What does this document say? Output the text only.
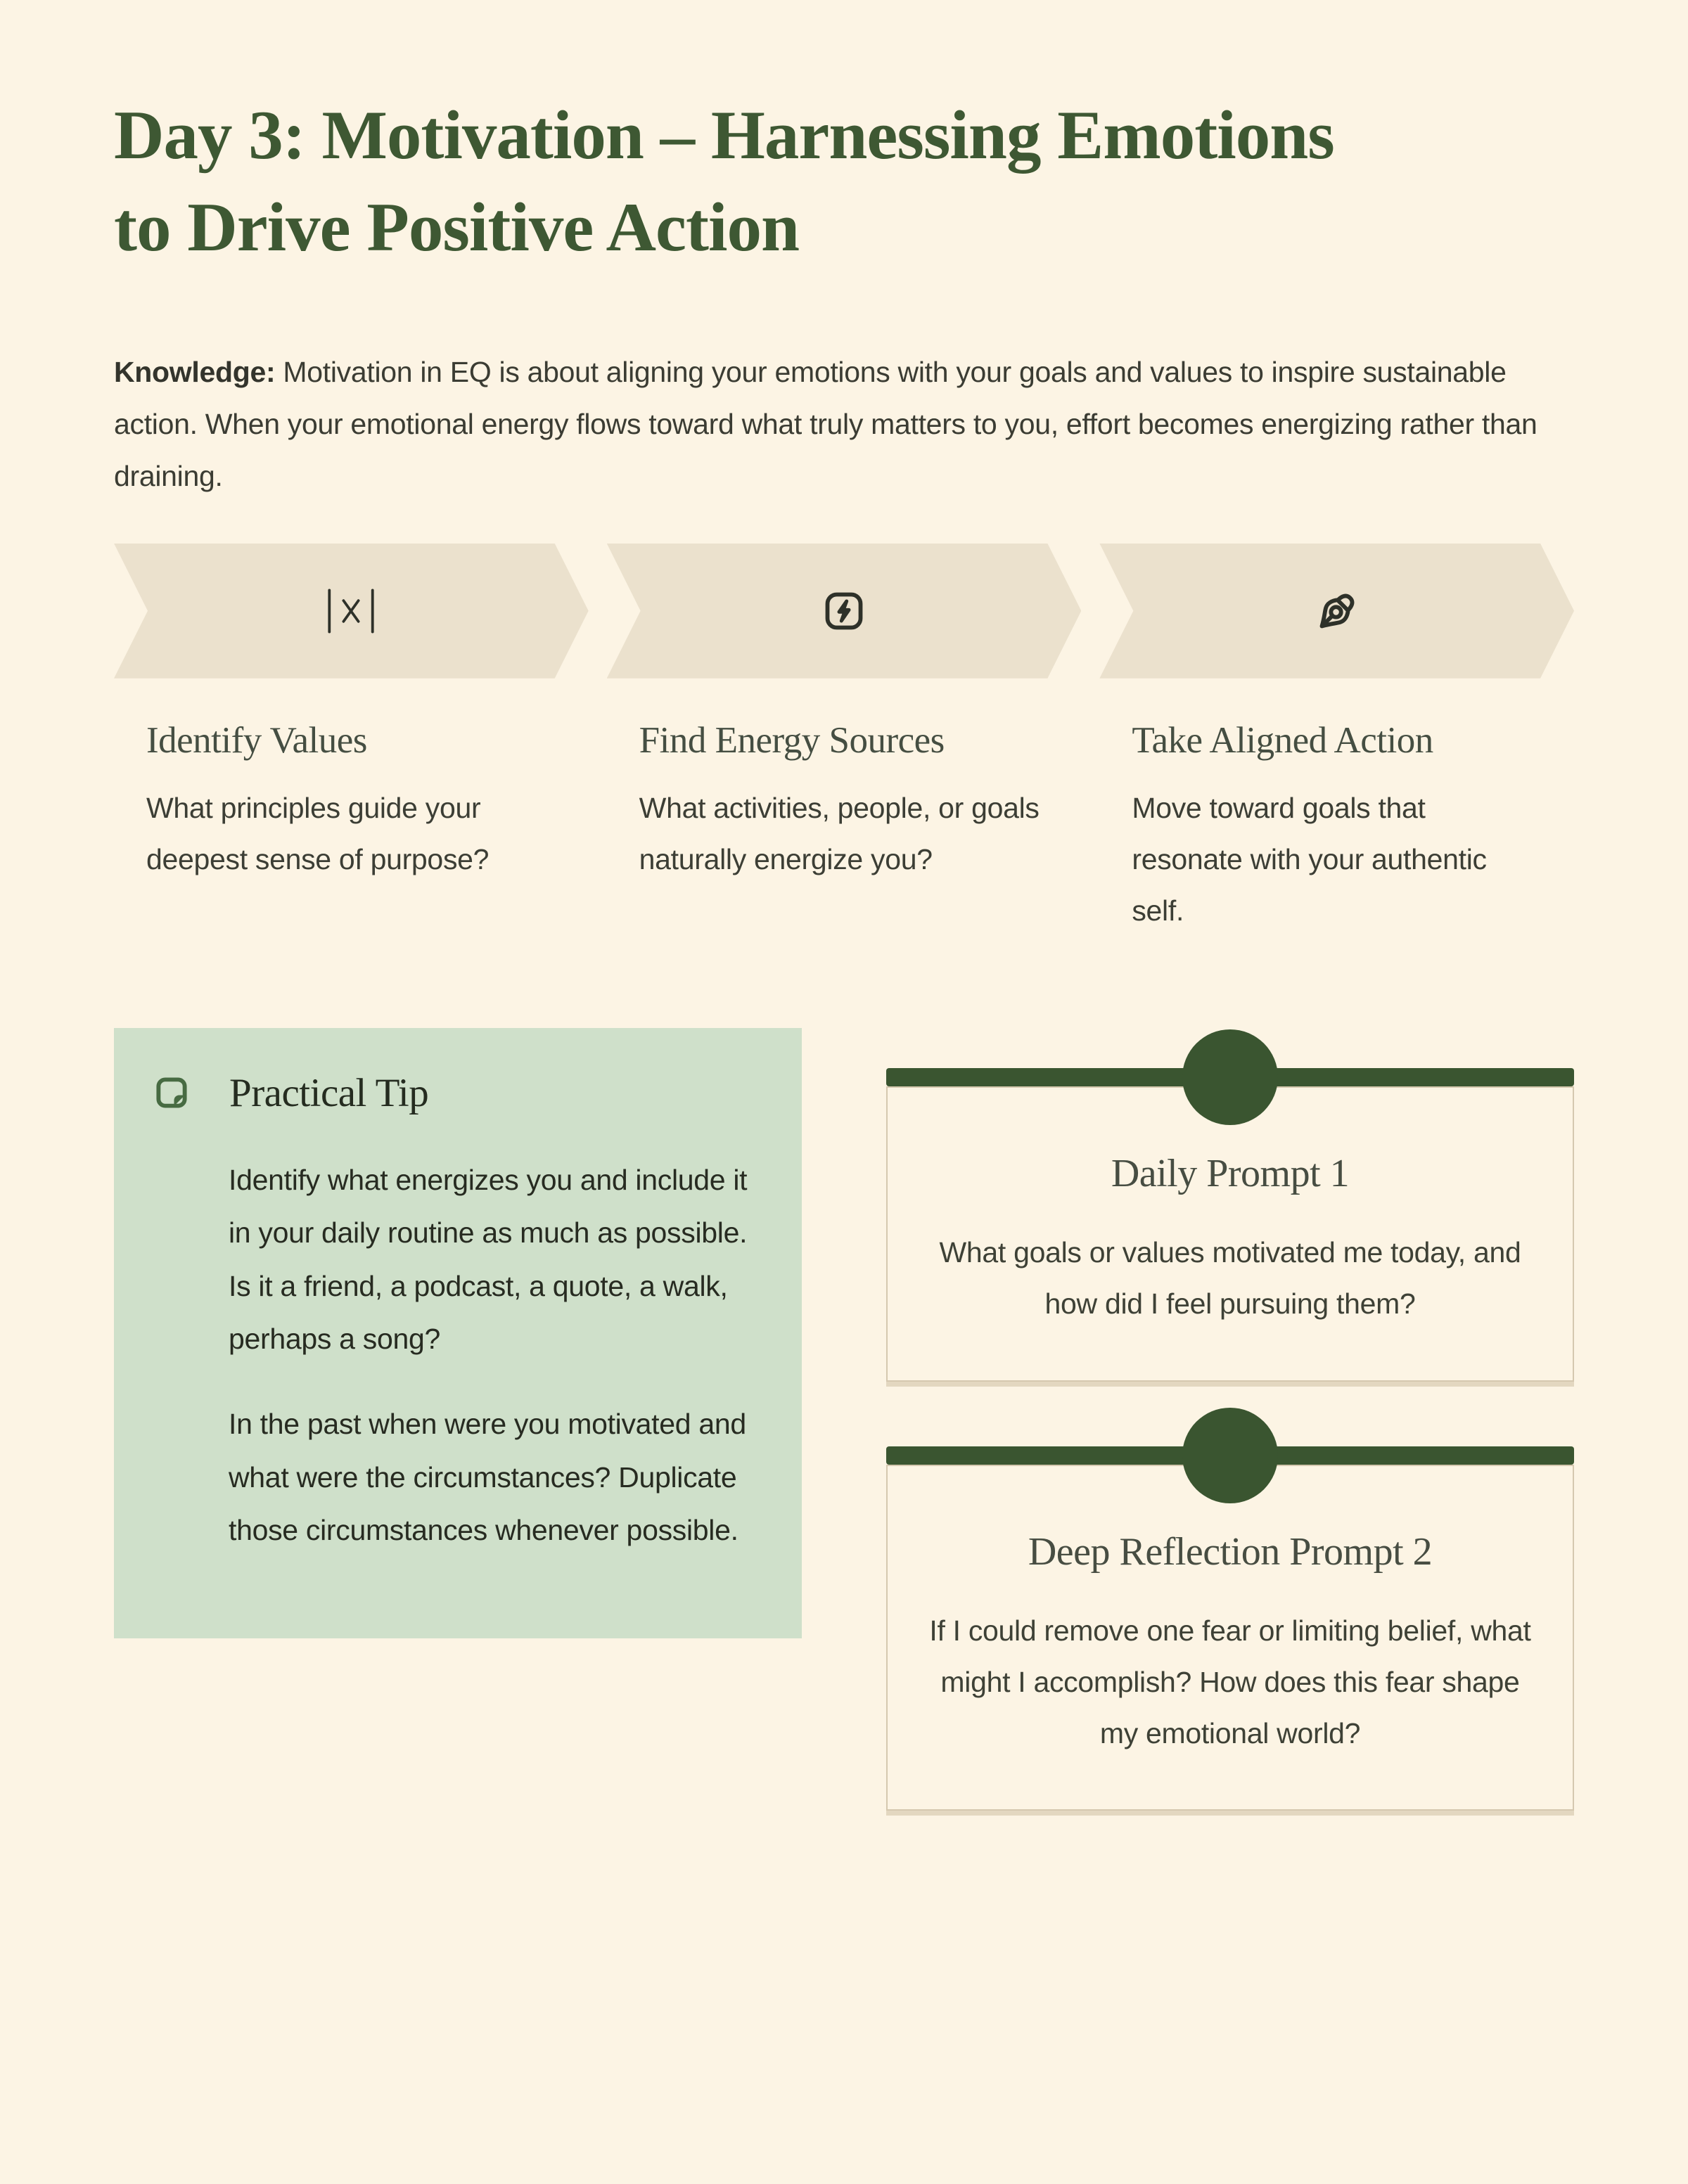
Day 3: Motivation – Harnessing Emotions to Drive Positive Action

Knowledge: Motivation in EQ is about aligning your emotions with your goals and values to inspire sustainable action. When your emotional energy flows toward what truly matters to you, effort becomes energizing rather than draining.

Identify Values
What principles guide your deepest sense of purpose?
Find Energy Sources
What activities, people, or goals naturally energize you?
Take Aligned Action
Move toward goals that resonate with your authentic self.
Practical Tip

Identify what energizes you and include it in your daily routine as much as possible. Is it a friend, a podcast, a quote, a walk, perhaps a song?

In the past when were you motivated and what were the circumstances? Duplicate those circumstances whenever possible.

Daily Prompt 1

What goals or values motivated me today, and how did I feel pursuing them?

Deep Reflection Prompt 2

If I could remove one fear or limiting belief, what might I accomplish? How does this fear shape my emotional world?
